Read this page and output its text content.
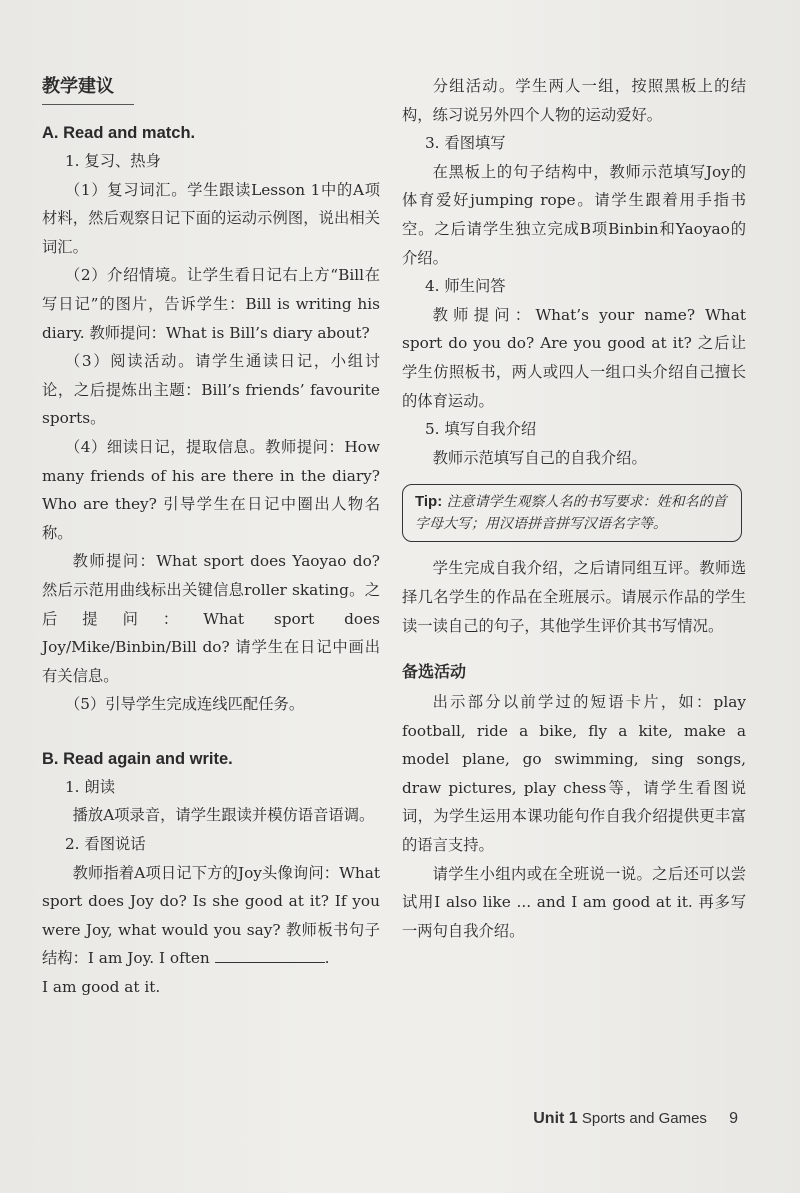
教学建议
A. Read and match.

1. 复习、热身

（1）复习词汇。学生跟读Lesson 1中的A项材料，然后观察日记下面的运动示例图，说出相关词汇。

（2）介绍情境。让学生看日记右上方“Bill在写日记”的图片，告诉学生：Bill is writing his diary. 教师提问：What is Bill’s diary about?

（3）阅读活动。请学生通读日记，小组讨论，之后提炼出主题：Bill’s friends’ favourite sports。

（4）细读日记，提取信息。教师提问：How many friends of his are there in the diary? Who are they? 引导学生在日记中圈出人物名称。

教师提问：What sport does Yaoyao do? 然后示范用曲线标出关键信息roller skating。之后提问：What sport does Joy/Mike/Binbin/Bill do? 请学生在日记中画出有关信息。

（5）引导学生完成连线匹配任务。

B. Read again and write.

1. 朗读

播放A项录音，请学生跟读并模仿语音语调。

2. 看图说话

教师指着A项日记下方的Joy头像询问：What sport does Joy do? Is she good at it? If you were Joy, what would you say? 教师板书句子结构：I am Joy. I often	.

I am good at it.

分组活动。学生两人一组，按照黑板上的结构，练习说另外四个人物的运动爱好。

3. 看图填写

在黑板上的句子结构中，教师示范填写Joy的体育爱好jumping rope。请学生跟着用手指书空。之后请学生独立完成B项Binbin和Yaoyao的介绍。

4. 师生问答

教师提问：What’s your name? What sport do you do? Are you good at it? 之后让学生仿照板书，两人或四人一组口头介绍自己擅长的体育运动。

5. 填写自我介绍

教师示范填写自己的自我介绍。

Tip: 注意请学生观察人名的书写要求：姓和名的首字母大写；用汉语拼音拼写汉语名字等。

学生完成自我介绍，之后请同组互评。教师选择几名学生的作品在全班展示。请展示作品的学生读一读自己的句子，其他学生评价其书写情况。

备选活动

出示部分以前学过的短语卡片，如：play football, ride a bike, fly a kite, make a model plane, go swimming, sing songs, draw pictures, play chess等，请学生看图说词，为学生运用本课功能句作自我介绍提供更丰富的语言支持。

请学生小组内或在全班说一说。之后还可以尝试用I also like ... and I am good at it. 再多写一两句自我介绍。

Unit 1 Sports and Games 9
